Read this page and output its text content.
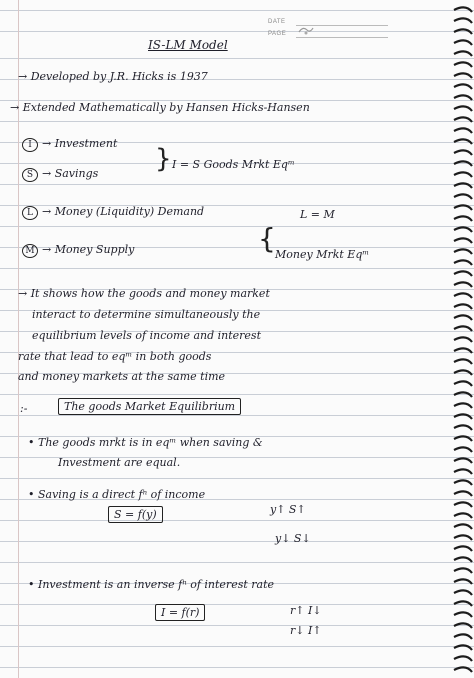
DATE
PAGE
IS-LM Model
→ Developed by J.R. Hicks is 1937
→ Extended Mathematically by Hansen Hicks-Hansen
I → Investment
S → Savings } I = S Goods Mrkt Eqᵐ
L → Money (Liquidity) Demand	L = M
M → Money Supply	{ Money Mrkt Eqᵐ
→ It shows how the goods and money market
interact to determine simultaneously the
equilibrium levels of income and interest
rate that lead to eqᵐ in both goods
and money markets at the same time
:-	The goods Market Equilibrium
• The goods mrkt is in eqᵐ when saving &
Investment are equal.
• Saving is a direct fⁿ of income
S = f(y)	y↑ S↑
y↓ S↓
• Investment is an inverse fⁿ of interest rate
I = f(r)	r↑ I↓
r↓ I↑
